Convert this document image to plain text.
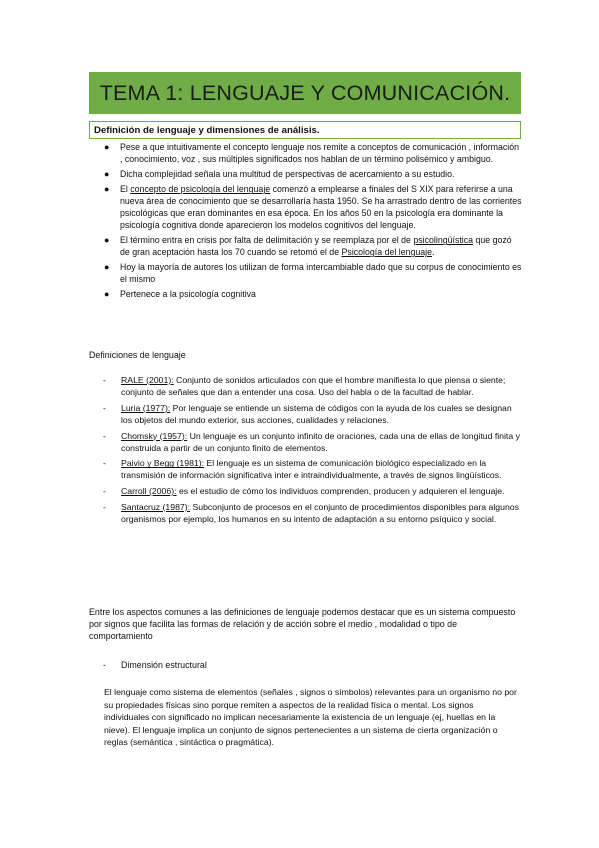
TEMA 1: LENGUAJE Y COMUNICACIÓN.
Definición de lenguaje y dimensiones de análisis.
● Pese a que intuitivamente el concepto lenguaje nos remite a conceptos de comunicación , información , conocimiento, voz , sus múltiples significados nos hablan de un término polisémico y ambiguo.
● Dicha complejidad señala una multitud de perspectivas de acercamiento a su estudio.
● El concepto de psicología del lenguaje comenzó a emplearse a finales del S XIX para referirse a una nueva área de conocimiento que se desarrollaría hasta 1950. Se ha arrastrado dentro de las corrientes psicológicas que eran dominantes en esa época. En los años 50 en la psicología era dominante la psicología cognitiva donde aparecieron los modelos cognitivos del lenguaje.
● El término entra en crisis por falta de delimitación y se reemplaza por el de psicolingüística que gozó de gran aceptación hasta los 70 cuando se retomó el de Psicología del lenguaje.
● Hoy la mayoría de autores los utilizan de forma intercambiable dado que su corpus de conocimiento es el mismo
● Pertenece a la psicología cognitiva
Definiciones de lenguaje
- RALE (2001): Conjunto de sonidos articulados con que el hombre manifiesta lo que piensa o siente; conjunto de señales que dan a entender una cosa. Uso del habla o de la facultad de hablar.
- Luria (1977): Por lenguaje se entiende un sistema de códigos con la ayuda de los cuales se designan los objetos del mundo exterior, sus acciones, cualidades y relaciones.
- Chomsky (1957): Un lenguaje es un conjunto infinito de oraciones, cada una de ellas de longitud finita y construida a partir de un conjunto finito de elementos.
- Paivio y Begg (1981): El lenguaje es un sistema de comunicación biológico especializado en la transmisión de información significativa inter e intraindividualmente, a través de signos lingüísticos.
- Carroll (2006): es el estudio de cómo los individuos comprenden, producen y adquieren el lenguaje.
- Santacruz (1987): Subconjunto de procesos en el conjunto de procedimientos disponibles para algunos organismos por ejemplo, los humanos en su intento de adaptación a su entorno psíquico y social.
Entre los aspectos comunes a las definiciones de lenguaje podemos destacar que es un sistema compuesto por signos que facilita las formas de relación y de acción sobre el medio , modalidad o tipo de comportamiento
- Dimensión estructural
El lenguaje como sistema de elementos (señales , signos o símbolos) relevantes para un organismo no por su propiedades físicas sino porque remiten a aspectos de la realidad física o mental. Los signos individuales con significado no implican necesariamente la existencia de un lenguaje (ej, huellas en la nieve). El lenguaje implica un conjunto de signos pertenecientes a un sistema de cierta organización o reglas (semántica , sintáctica o pragmática).
